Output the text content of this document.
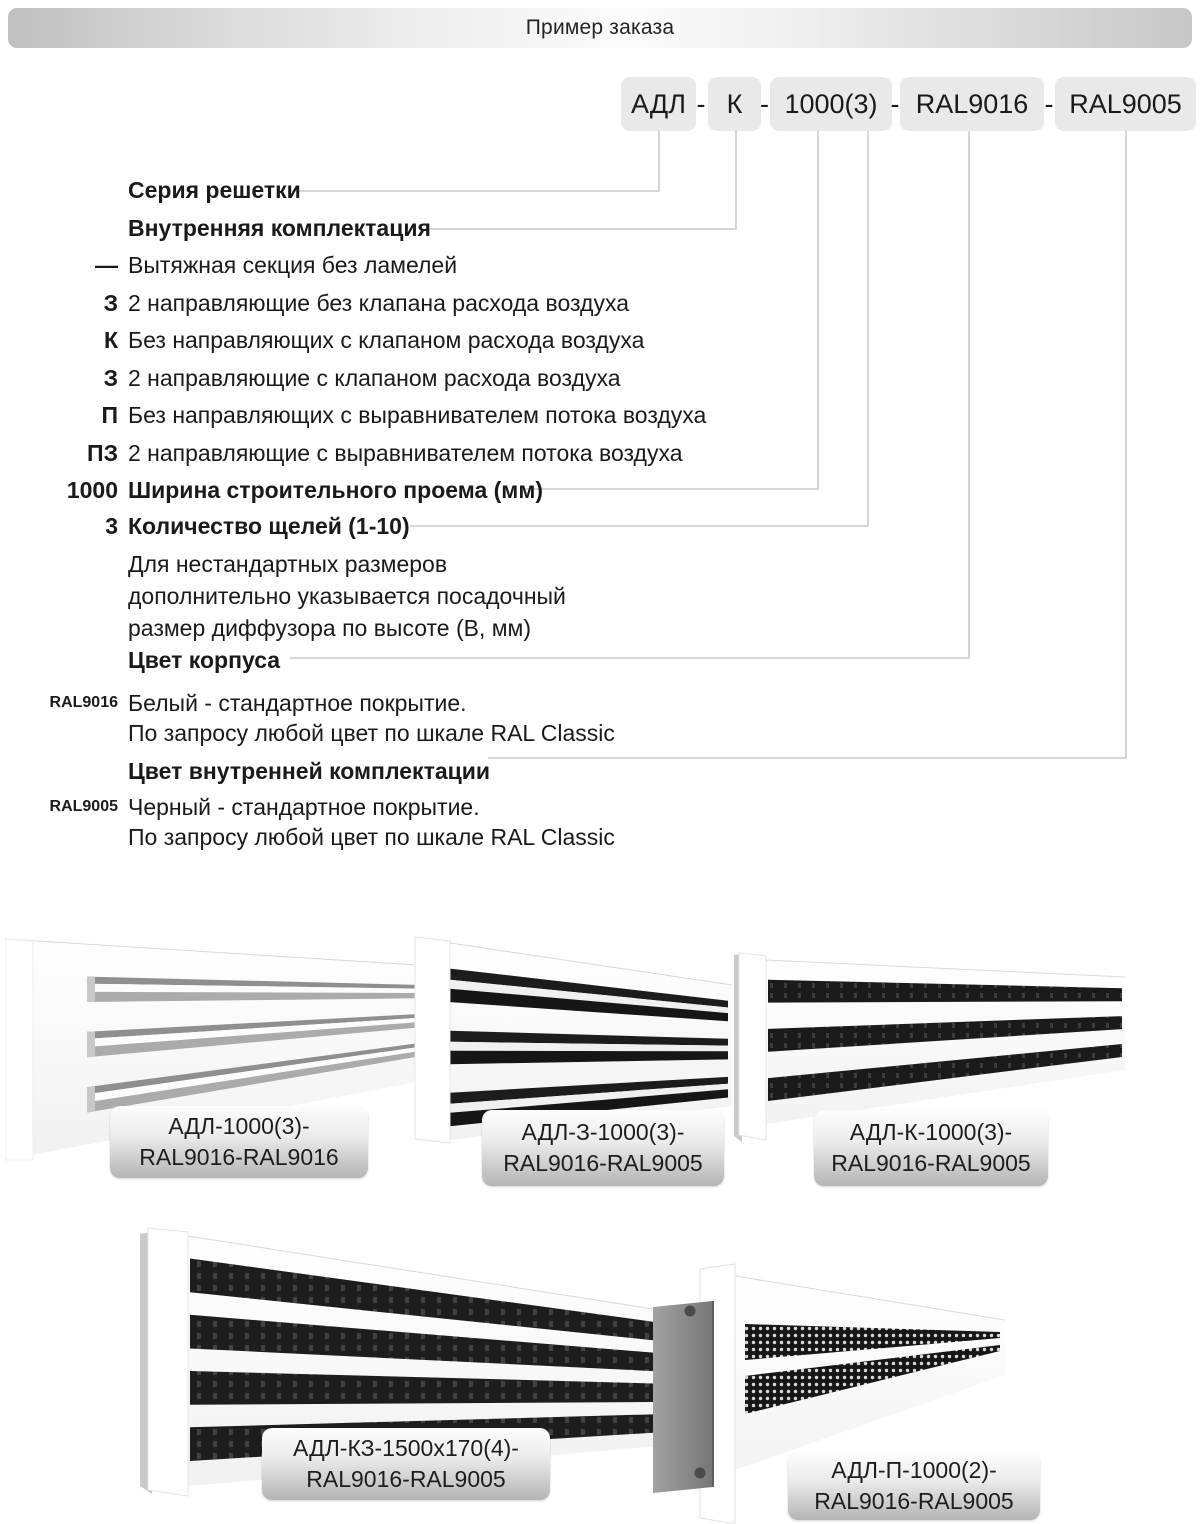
Пример заказа
АДЛ - К - 1000(3) - RAL9016 - RAL9005
Серия решетки
Внутренняя комплектация
— Вытяжная секция без ламелей
З 2 направляющие без клапана расхода воздуха
К Без направляющих с клапаном расхода воздуха
З 2 направляющие с клапаном расхода воздуха
П Без направляющих с выравнивателем потока воздуха
ПЗ 2 направляющие с выравнивателем потока воздуха
1000 Ширина строительного проема (мм)
3 Количество щелей (1-10)
Для нестандартных размеров
дополнительно указывается посадочный
размер диффузора по высоте (В, мм)
Цвет корпуса
RAL9016 Белый - стандартное покрытие.
По запросу любой цвет по шкале RAL Classic
Цвет внутренней комплектации
RAL9005 Черный - стандартное покрытие.
По запросу любой цвет по шкале RAL Classic
АДЛ-1000(3)-
RAL9016-RAL9016
АДЛ-З-1000(3)-
RAL9016-RAL9005
АДЛ-К-1000(3)-
RAL9016-RAL9005
АДЛ-КЗ-1500х170(4)-
RAL9016-RAL9005	АДЛ-П-1000(2)-
RAL9016-RAL9005
